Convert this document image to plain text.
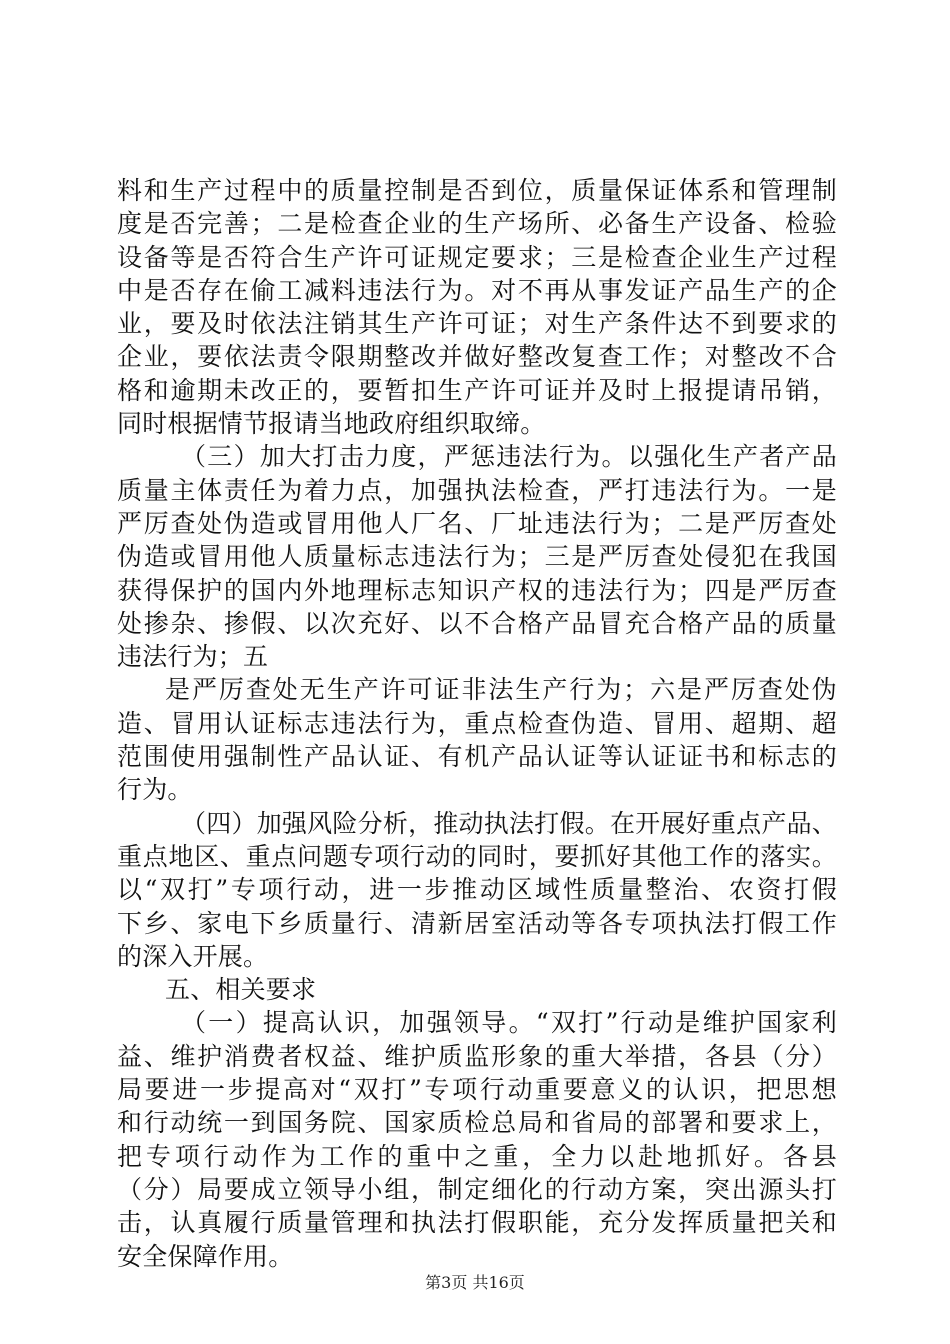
料和生产过程中的质量控制是否到位，质量保证体系和管理制
度是否完善；二是检查企业的生产场所、必备生产设备、检验
设备等是否符合生产许可证规定要求；三是检查企业生产过程
中是否存在偷工减料违法行为。对不再从事发证产品生产的企
业，要及时依法注销其生产许可证；对生产条件达不到要求的
企业，要依法责令限期整改并做好整改复查工作；对整改不合
格和逾期未改正的，要暂扣生产许可证并及时上报提请吊销，
同时根据情节报请当地政府组织取缔。
（三）加大打击力度，严惩违法行为。以强化生产者产品
质量主体责任为着力点，加强执法检查，严打违法行为。一是
严厉查处伪造或冒用他人厂名、厂址违法行为；二是严厉查处
伪造或冒用他人质量标志违法行为；三是严厉查处侵犯在我国
获得保护的国内外地理标志知识产权的违法行为；四是严厉查
处掺杂、掺假、以次充好、以不合格产品冒充合格产品的质量
违法行为；五
是严厉查处无生产许可证非法生产行为；六是严厉查处伪
造、冒用认证标志违法行为，重点检查伪造、冒用、超期、超
范围使用强制性产品认证、有机产品认证等认证证书和标志的
行为。
（四）加强风险分析，推动执法打假。在开展好重点产品、
重点地区、重点问题专项行动的同时，要抓好其他工作的落实。
以“双打”专项行动，进一步推动区域性质量整治、农资打假
下乡、家电下乡质量行、清新居室活动等各专项执法打假工作
的深入开展。
五、相关要求
（一）提高认识，加强领导。“双打”行动是维护国家利
益、维护消费者权益、维护质监形象的重大举措，各县（分）
局要进一步提高对“双打”专项行动重要意义的认识，把思想
和行动统一到国务院、国家质检总局和省局的部署和要求上，
把专项行动作为工作的重中之重，全力以赴地抓好。各县
（分）局要成立领导小组，制定细化的行动方案，突出源头打
击，认真履行质量管理和执法打假职能，充分发挥质量把关和
安全保障作用。
第3页 共16页
